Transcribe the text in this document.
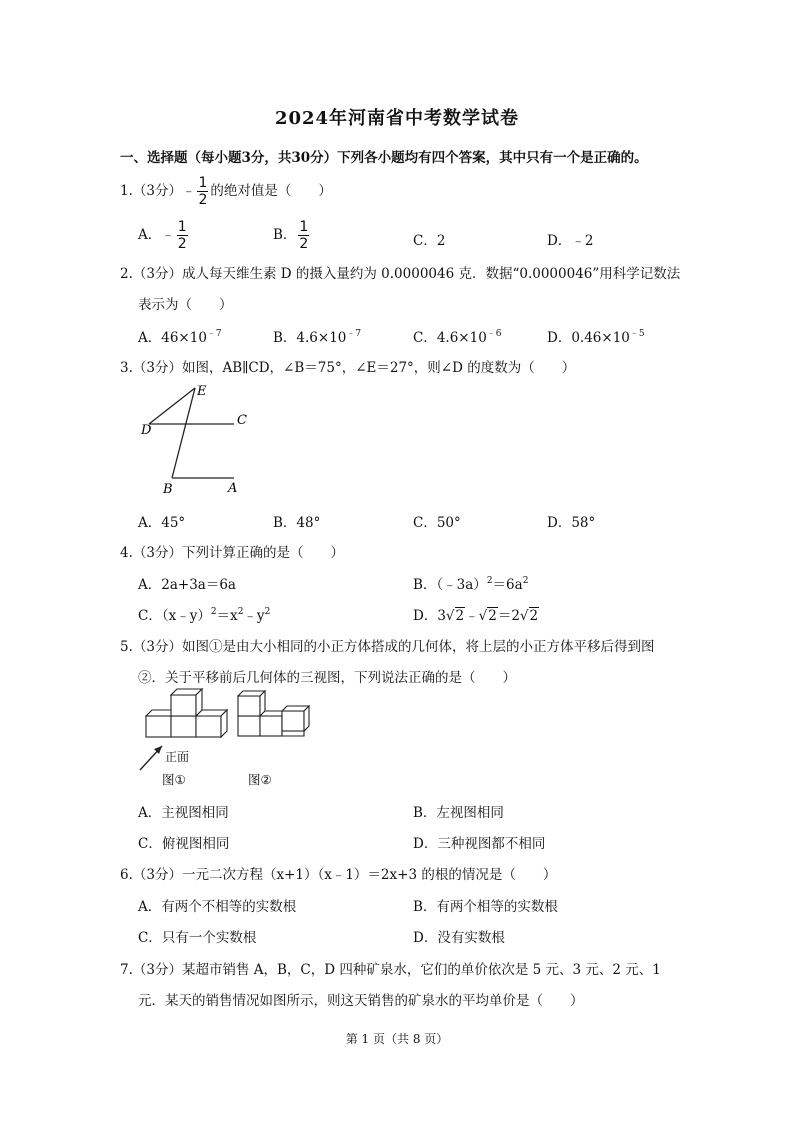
2024年河南省中考数学试卷
一、选择题（每小题3分，共30分）下列各小题均有四个答案，其中只有一个是正确的。
1.（3分）﹣ $\frac{1}{2}$ 的绝对值是（　　）
A．﹣ $\frac{1}{2}$	B． $\frac{1}{2}$	C．2	D．﹣2
2.（3分）成人每天维生素 D 的摄入量约为 0.0000046 克．数据“0.0000046”用科学记数法
表示为（　　）
A．$46\times 10^{﹣7}$	B．$4.6\times 10^{﹣7}$	C．$4.6\times 10^{﹣6}$	D．$0.46\times 10^{﹣5}$
3.（3分）如图，AB∥CD，∠B＝75°，∠E＝27°，则∠D 的度数为（　　）
E
C
D
B	A
A．45°	B．48°	C．50°	D．58°
4.（3分）下列计算正确的是（　　）
A．2a+3a＝6a	B．$(﹣3a)^2=6a^2$
C．$(x﹣y)^2=x^2﹣y^2$	D．3√2﹣√2＝2√2
5.（3分）如图①是由大小相同的小正方体搭成的几何体，将上层的小正方体平移后得到图
②．关于平移前后几何体的三视图，下列说法正确的是（　　）
正面
图①	图②
A．主视图相同	B．左视图相同
C．俯视图相同	D．三种视图都不相同
6.（3分）一元二次方程（x+1）（x﹣1）＝2x+3 的根的情况是（　　）
A．有两个不相等的实数根	B．有两个相等的实数根
C．只有一个实数根	D．没有实数根
7.（3分）某超市销售 A，B，C，D 四种矿泉水，它们的单价依次是 5 元、3 元、2 元、1
元．某天的销售情况如图所示，则这天销售的矿泉水的平均单价是（　　）
第 1 页（共 8 页）
